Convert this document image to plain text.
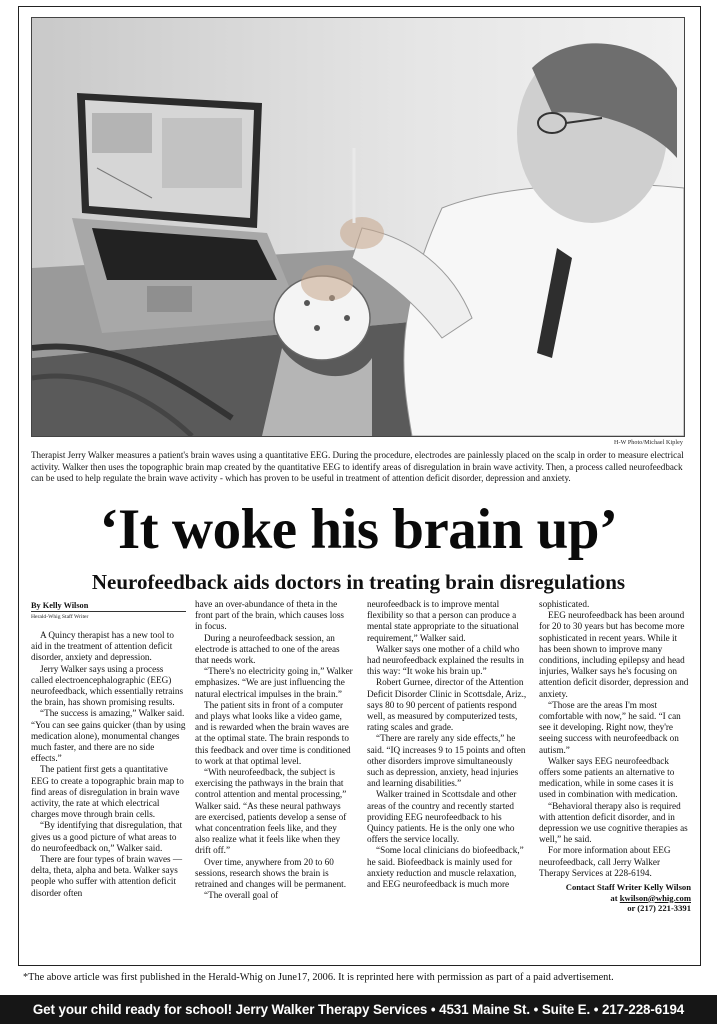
H-W Photo/Michael Kipley
Therapist Jerry Walker measures a patient's brain waves using a quantitative EEG. During the procedure, electrodes are painlessly placed on the scalp in order to measure electrical activity. Walker then uses the topographic brain map created by the quantitative EEG to identify areas of disregulation in brain wave activity. Then, a process called neurofeedback can be used to help regulate the brain wave activity - which has proven to be useful in treatment of attention deficit disorder, depression and anxiety.
‘It woke his brain up’
Neurofeedback aids doctors in treating brain disregulations
By Kelly Wilson
Herald-Whig Staff Writer

A Quincy therapist has a new tool to aid in the treatment of attention deficit disorder, anxiety and depression.

Jerry Walker says using a process called electroencephalographic (EEG) neurofeedback, which essentially retrains the brain, has shown promising results.

“The success is amazing,” Walker said. “You can see gains quicker (than by using medication alone), monumental changes much faster, and there are no side effects.”

The patient first gets a quantitative EEG to create a topographic brain map to find areas of disregulation in brain wave activity, the rate at which electrical charges move through brain cells.

“By identifying that disregulation, that gives us a good picture of what areas to do neurofeedback on,” Walker said.

There are four types of brain waves — delta, theta, alpha and beta. Walker says people who suffer with attention deficit disorder often

have an over-abundance of theta in the front part of the brain, which causes loss in focus.

During a neurofeedback session, an electrode is attached to one of the areas that needs work.

“There's no electricity going in,” Walker emphasizes. “We are just influencing the natural electrical impulses in the brain.”

The patient sits in front of a computer and plays what looks like a video game, and is rewarded when the brain waves are at the optimal state. The brain responds to this feedback and over time is conditioned to work at that optimal level.

“With neurofeedback, the subject is exercising the pathways in the brain that control attention and mental processing,” Walker said. “As these neural pathways are exercised, patients develop a sense of what concentration feels like, and they also realize what it feels like when they drift off.”

Over time, anywhere from 20 to 60 sessions, research shows the brain is retrained and changes will be permanent.

“The overall goal of

neurofeedback is to improve mental flexibility so that a person can produce a mental state appropriate to the situational requirement,” Walker said.

Walker says one mother of a child who had neurofeedback explained the results in this way: “It woke his brain up.”

Robert Gurnee, director of the Attention Deficit Disorder Clinic in Scottsdale, Ariz., says 80 to 90 percent of patients respond well, as measured by computerized tests, rating scales and grade.

“There are rarely any side effects,” he said. “IQ increases 9 to 15 points and often other disorders improve simultaneously such as depression, anxiety, head injuries and learning disabilities.”

Walker trained in Scottsdale and other areas of the country and recently started providing EEG neurofeedback to his Quincy patients. He is the only one who offers the service locally.

“Some local clinicians do biofeedback,” he said. Biofeedback is mainly used for anxiety reduction and muscle relaxation, and EEG neurofeedback is much more

sophisticated.

EEG neurofeedback has been around for 20 to 30 years but has become more sophisticated in recent years. While it has been shown to improve many conditions, including epilepsy and head injuries, Walker says he's focusing on attention deficit disorder, depression and anxiety.

“Those are the areas I'm most comfortable with now,” he said. “I can see it developing. Right now, they're seeing success with neurofeedback on autism.”

Walker says EEG neurofeedback offers some patients an alternative to medication, while in some cases it is used in combination with medication.

“Behavioral therapy also is required with attention deficit disorder, and in depression we use cognitive therapies as well,” he said.

For more information about EEG neurofeedback, call Jerry Walker Therapy Services at 228-6194.

Contact Staff Writer Kelly Wilson
at kwilson@whig.com
or (217) 221-3391
*The above article was first published in the Herald-Whig on June17, 2006. It is reprinted here with permission as part of a paid advertisement.
Get your child ready for school! Jerry Walker Therapy Services • 4531 Maine St. • Suite E. • 217-228-6194
